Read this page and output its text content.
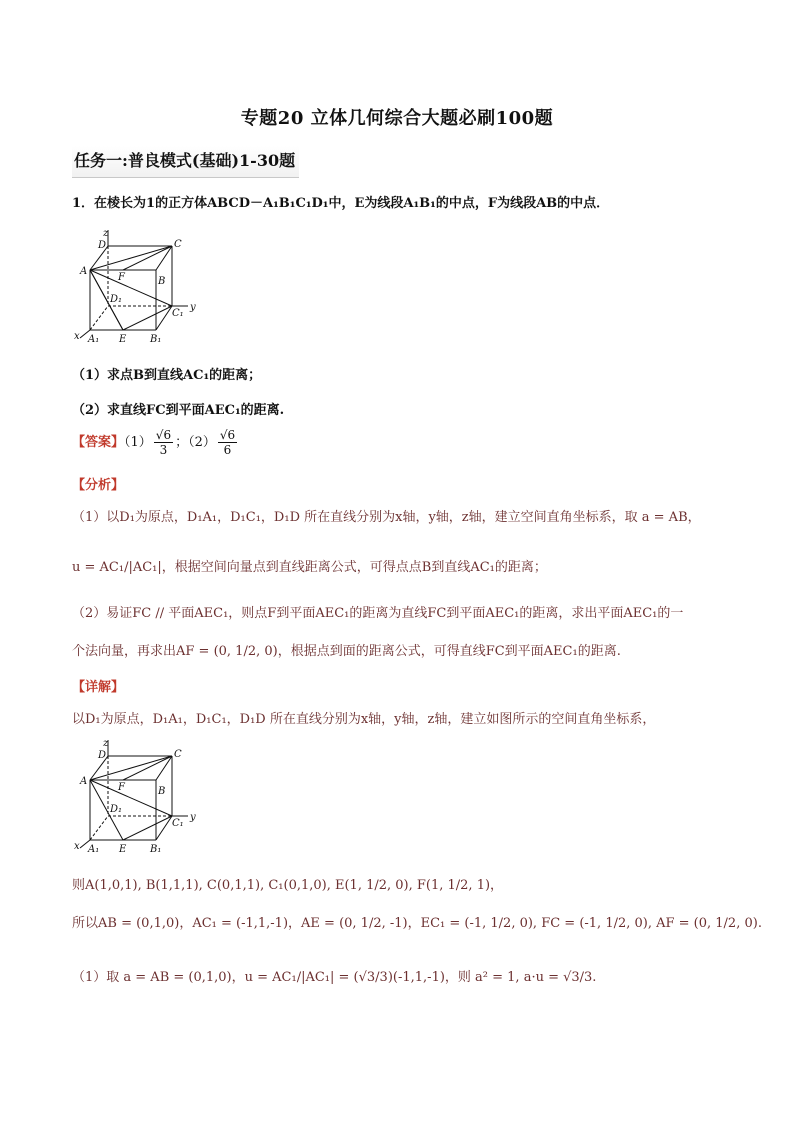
专题20 立体几何综合大题必刷100题
任务一:普良模式(基础)1-30题
1．在棱长为1的正方体ABCD－A₁B₁C₁D₁中，E为线段A₁B₁的中点，F为线段AB的中点．
z
D	C
A
F	B
D₁
C₁
y
x A₁ E B₁
（1）求点B到直线AC₁的距离；
（2）求直线FC到平面AEC₁的距离.
【答案】$(1) \frac{√6}{3}$ ；$(2) \frac{√6}{6}$
【分析】
（1）以D₁为原点，D₁A₁，D₁C₁，D₁D 所在直线分别为x轴，y轴，z轴，建立空间直角坐标系，取 a = AB，
u = AC₁/|AC₁|，根据空间向量点到直线距离公式，可得点点B到直线AC₁的距离；
（2）易证FC // 平面AEC₁，则点F到平面AEC₁的距离为直线FC到平面AEC₁的距离，求出平面AEC₁的一
个法向量，再求出AF = (0, 1/2, 0)，根据点到面的距离公式，可得直线FC到平面AEC₁的距离.
【详解】
以D₁为原点，D₁A₁，D₁C₁，D₁D 所在直线分别为x轴，y轴，z轴，建立如图所示的空间直角坐标系，
z
D	C
A
F	B
D₁
C₁
y
x A₁ E B₁
则A(1,0,1), B(1,1,1), C(0,1,1), C₁(0,1,0), E(1, 1/2, 0), F(1, 1/2, 1)，
所以AB = (0,1,0)，AC₁ = (-1,1,-1)，AE = (0, 1/2, -1)，EC₁ = (-1, 1/2, 0), FC = (-1, 1/2, 0), AF = (0, 1/2, 0).
（1）取 a = AB = (0,1,0)，u = AC₁/|AC₁| = (√3/3)(-1,1,-1)，则 a² = 1, a·u = √3/3.
